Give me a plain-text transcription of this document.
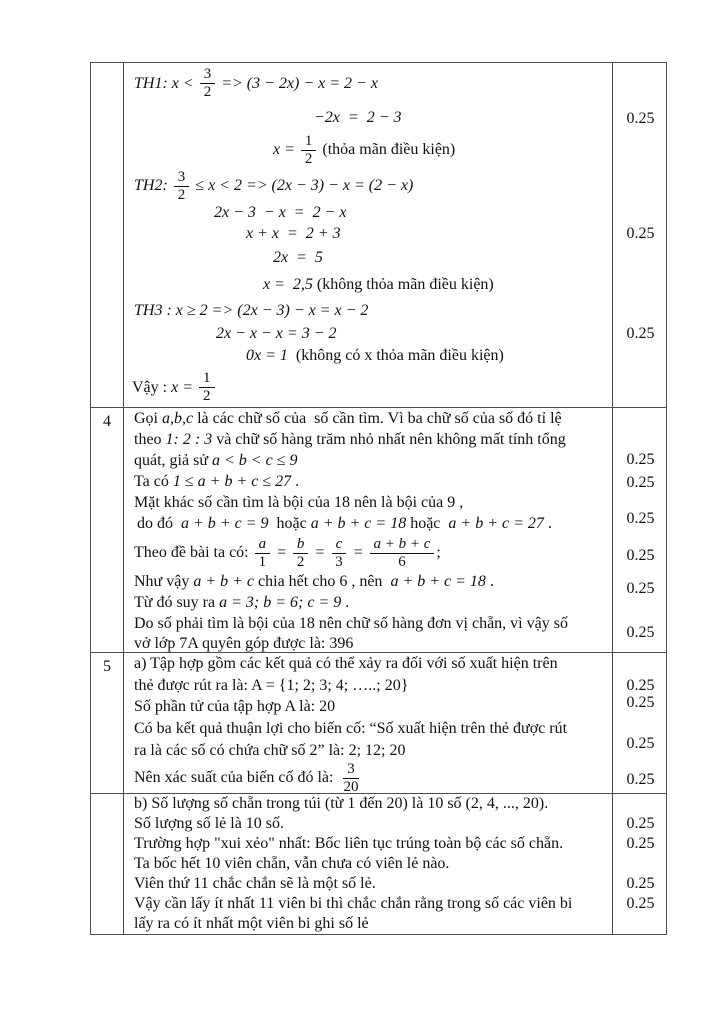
TH1: $x < \frac{3}{2} => (3 - 2x) - x = 2 - x$
−2x  =  2 − 3
$x = \frac{1}{2}$ (thỏa mãn điều kiện)
TH2: $\frac{3}{2} \le x < 2 => (2x - 3) - x = (2 - x)$
2x − 3  − x  =  2 − x
x + x  =  2 + 3
2x  =  5
x =  2,5 (không thỏa mãn điều kiện)
TH3 : x ≥ 2 => (2x − 3) − x = x − 2
2x − x − x = 3 − 2
0x = 1 (không có x thỏa mãn điều kiện)
Vậy : $x = \frac{1}{2}$
0.25
0.25
0.25
4	Gọi a,b,c là các chữ số của  số cần tìm. Vì ba chữ số của số đó tỉ lệ
theo 1: 2 : 3 và chữ số hàng trăm nhỏ nhất nên không mất tính tổng
quát, giả sử a < b < c ≤ 9
Ta có 1 ≤ a + b + c ≤ 27 .
Mặt khác số cần tìm là bội của 18 nên là bội của 9 ,
do đó a + b + c = 9 hoặc a + b + c = 18 hoặc a + b + c = 27 .
Theo đề bài ta có: $\frac{a}{1} = \frac{b}{2} = \frac{c}{3} = \frac{a + b + c}{6}$ ;
Như vậy a + b + c chia hết cho 6 , nên a + b + c = 18 .
Từ đó suy ra a = 3; b = 6; c = 9 .
Do số phải tìm là bội của 18 nên chữ số hàng đơn vị chẵn, vì vậy số
vở lớp 7A quyên góp được là: 396
0.25
0.25
0.25
0.25
0.25
0.25
5	a) Tập hợp gồm các kết quả có thể xảy ra đối với số xuất hiện trên
thẻ được rút ra là: A = {1; 2; 3; 4; …..; 20}
Số phần tử của tập hợp A là: 20
Có ba kết quả thuận lợi cho biến cố: “Số xuất hiện trên thẻ được rút
ra là các số có chứa chữ số 2” là: 2; 12; 20
Nên xác suất của biến cố đó là: $\frac{3}{20}$
0.25
0.25
0.25
0.25
b) Số lượng số chẵn trong túi (từ 1 đến 20) là 10 số (2, 4, ..., 20).
Số lượng số lẻ là 10 số.
Trường hợp "xui xẻo" nhất: Bốc liên tục trúng toàn bộ các số chẵn.
Ta bốc hết 10 viên chẵn, vẫn chưa có viên lẻ nào.
Viên thứ 11 chắc chắn sẽ là một số lẻ.
Vậy cần lấy ít nhất 11 viên bi thì chắc chắn rằng trong số các viên bi
lấy ra có ít nhất một viên bi ghi số lẻ
0.25
0.25
0.25
0.25
